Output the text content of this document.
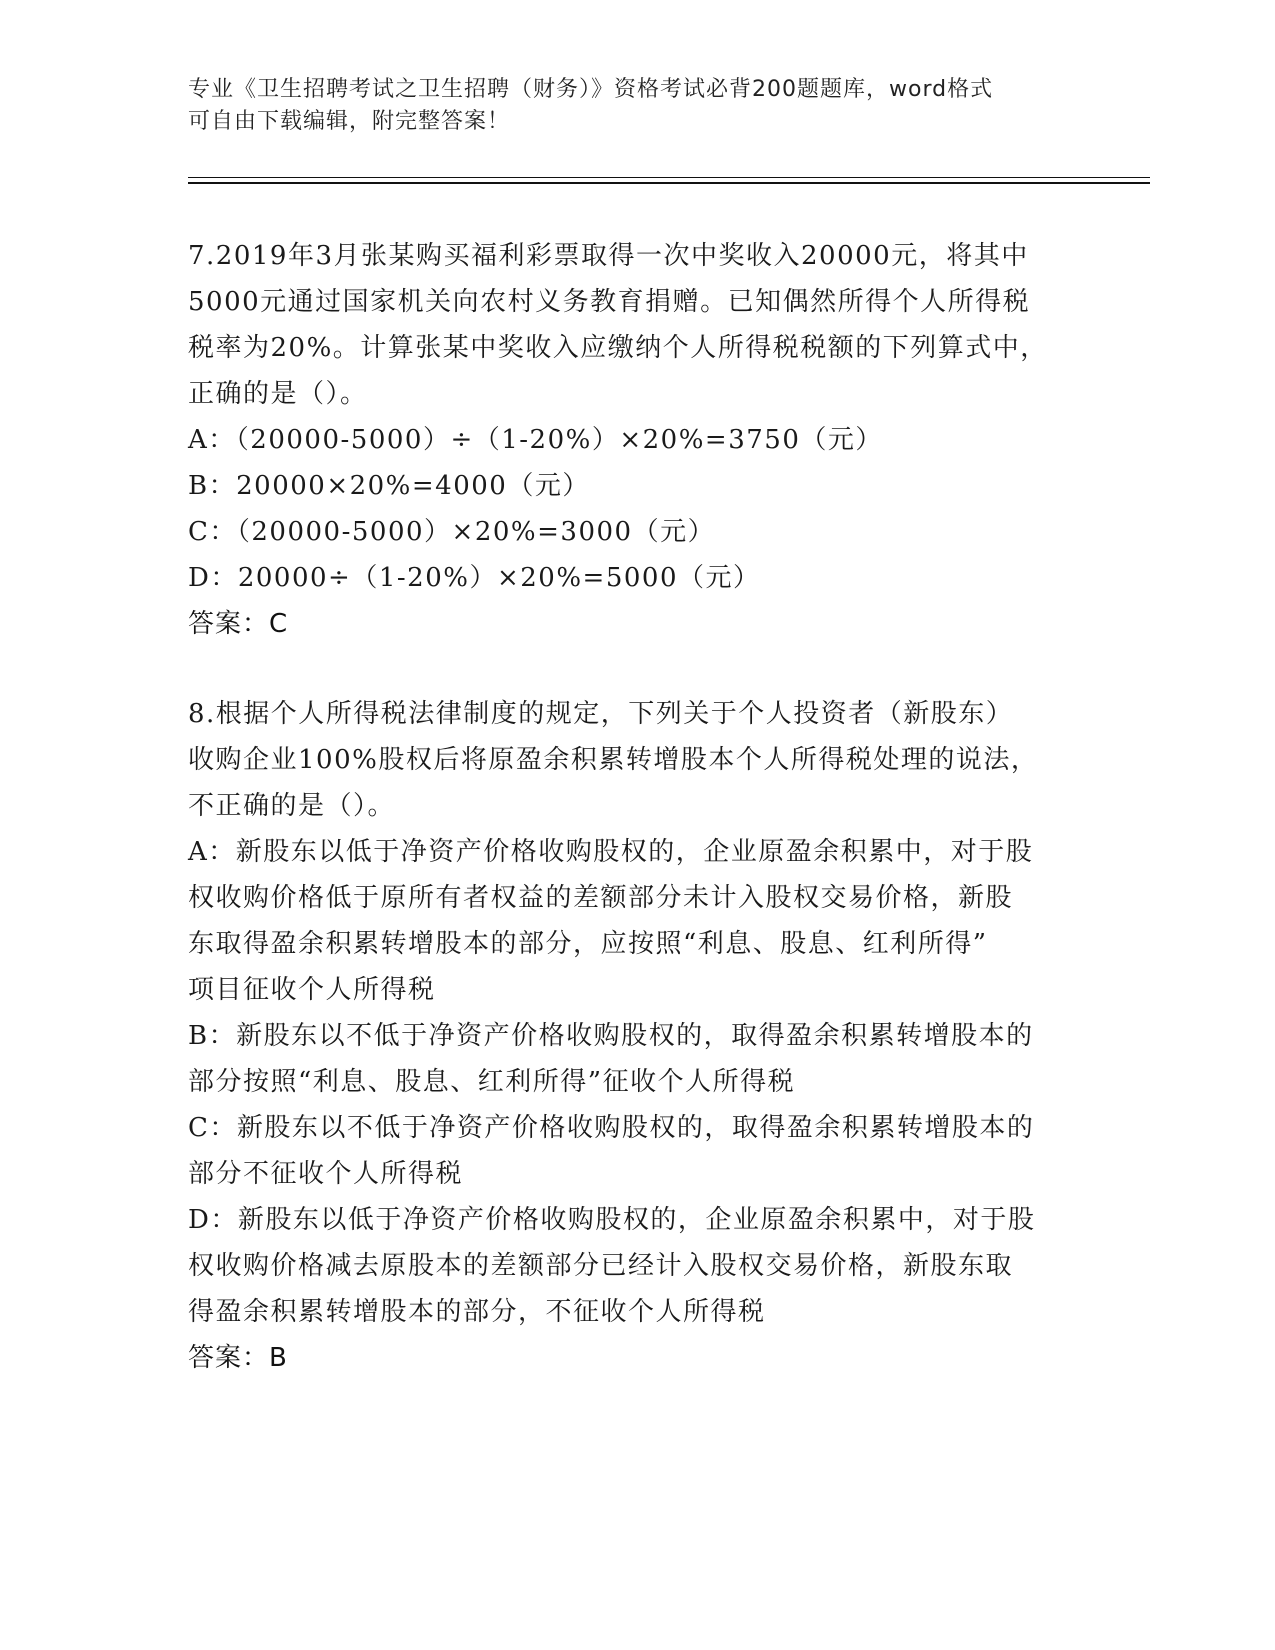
专业《卫生招聘考试之卫生招聘（财务）》资格考试必背200题题库，word格式
可自由下载编辑，附完整答案！
7.2019年3月张某购买福利彩票取得一次中奖收入20000元，将其中
5000元通过国家机关向农村义务教育捐赠。已知偶然所得个人所得税
税率为20%。计算张某中奖收入应缴纳个人所得税税额的下列算式中，
正确的是（）。
A：（20000-5000）÷（1-20%）×20%=3750（元）
B：20000×20%=4000（元）
C：（20000-5000）×20%=3000（元）
D：20000÷（1-20%）×20%=5000（元）
答案：C
8.根据个人所得税法律制度的规定，下列关于个人投资者（新股东）
收购企业100%股权后将原盈余积累转增股本个人所得税处理的说法，
不正确的是（）。
A：新股东以低于净资产价格收购股权的，企业原盈余积累中，对于股
权收购价格低于原所有者权益的差额部分未计入股权交易价格，新股
东取得盈余积累转增股本的部分，应按照“利息、股息、红利所得”
项目征收个人所得税
B：新股东以不低于净资产价格收购股权的，取得盈余积累转增股本的
部分按照“利息、股息、红利所得”征收个人所得税
C：新股东以不低于净资产价格收购股权的，取得盈余积累转增股本的
部分不征收个人所得税
D：新股东以低于净资产价格收购股权的，企业原盈余积累中，对于股
权收购价格减去原股本的差额部分已经计入股权交易价格，新股东取
得盈余积累转增股本的部分，不征收个人所得税
答案：B
